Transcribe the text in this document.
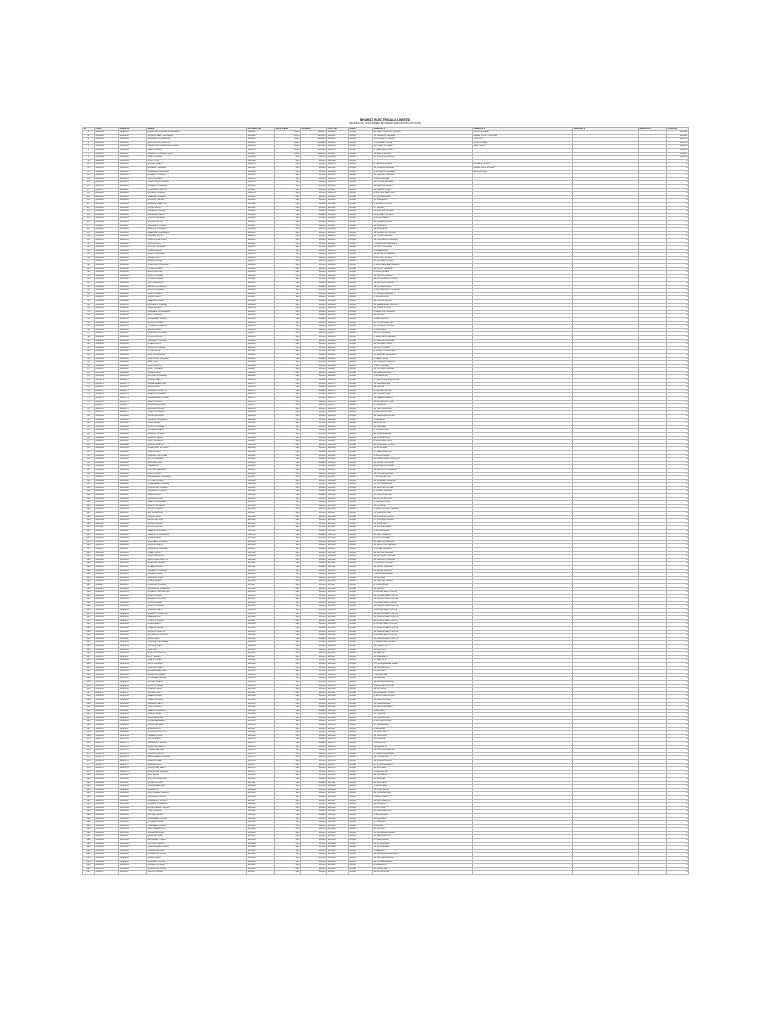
BHARAT ELECTRICALS LIMITED
DETAILS OF UNCLAIMED DIVIDEND AMOUNT AS ON DATE
Sl.	Folio	Share ID	Name	Account No.	Face Value	Amount	Amt. No.	Bank	Address 1	Address 2	Address 3	Address 4	Pincode
1	A00001	1100001	KRISHNA KUMAR AGARWAL	100001	1000	100000	100001	BANK	24 NEW COLONY ROAD	MAIN STREET			110001
2	A00002	1100002	SUNITA DEVI SHARMA	100002	1000	100000	100002	BANK	12 GANDHI NAGAR	NEAR POST OFFICE			110002
3	A00003	1100003	RAMESH CHANDRA	100003	1000	100000	100003	BANK	45 RAILWAY ROAD	OLD CITY			110003
4	A00004	1100004	MOHAN LAL GUPTA	100004	1000	100000	100004	BANK	7 MARKET LANE	CIVIL LINES			110004
5	A00005	1100005	PRAKASH NARAYAN SINGH	100005	1000	100000	100005	BANK	88 PARK STREET	SECTOR 5			110005
6	A00006	1100006	GEETA RANI	100006	1000	100000	100006	BANK	3 TEMPLE ROAD				110006
7	A00007	1100007	SURESH KUMAR JAIN	100007	1000	100000	100007	BANK	19 MALL ROAD				110007
8	A00008	1100008	ANIL KUMAR	100008	500	50000	100008	BANK	55 STATION ROAD				110008
9	A00009	1100009	VIJAY PAL	100009	100	10000	100009	BANK					0
10	A00010	1100010	SHANTI DEVI	100010	100	10000	100010	BANK	2 NEHRU MARG	MODEL TOWN			0
11	A00011	1100011	RAJESH VERMA	100011	100	10000	100011	BANK	14 KAMLA NAGAR	NEAR BUS STAND			0
12	A00012	1100012	KAMLESH KUMARI	100012	100	10000	100012	BANK	9 SHASTRI NAGAR	MAIN ROAD			0
13	A00013	1100013	DINESH CHAND	100013	100	10000	100013	BANK	31 LAJPAT NAGAR				0
14	A00014	1100014	SAVITRI DEVI	100014	100	10000	100014	BANK	6 RAJ NAGAR				0
15	A00015	1100015	HARI OM SHARMA	100015	100	10000	100015	BANK	21 PATEL NAGAR				0
16	A00016	1100016	NARESH KUMAR	100016	100	10000	100016	BANK	40 KAROL BAGH				0
17	A00017	1100017	POONAM GUPTA	100017	100	10000	100017	BANK	11 JANAK PURI				0
18	A00018	1100018	ASHOK KUMAR	100018	100	10000	100018	BANK	8 ROHINI SECTOR				0
19	A00019	1100019	MEENA KUMARI	100019	100	10000	100019	BANK	27 PITAMPURA				0
20	A00020	1100020	SANJAY SINGH	100020	100	10000	100020	BANK	33 DWARKA				0
21	A00021	1100021	RAKESH MEHTA	100021	100	10000	100021	BANK	5 VASANT KUNJ				0
22	A00022	1100022	USHA RANI	100022	100	10000	100022	BANK	17 SAKET				0
23	A00023	1100023	PAWAN KUMAR	100023	100	10000	100023	BANK	29 MAYUR VIHAR				0
24	A00024	1100024	NIRMALA DEVI	100024	100	10000	100024	BANK	15 PREET VIHAR				0
25	A00025	1100025	VINOD KUMAR	100025	100	10000	100025	BANK	4 SHAHDARA				0
26	A00026	1100026	KUSUM LATA	100026	100	10000	100026	BANK	22 GREEN PARK				0
27	A00027	1100027	MAHESH CHAND	100027	100	10000	100027	BANK	36 KALKAJI				0
28	A00028	1100028	REKHA SHARMA	100028	100	10000	100028	BANK	10 NARAINA				0
29	A00029	1100029	DEEPAK AGARWAL	100029	100	10000	100029	BANK	18 PASCHIM VIHAR				0
30	A00030	1100030	SUMAN LATA	100030	100	10000	100030	BANK	25 TILAK NAGAR				0
31	A00031	1100031	GOPAL KRISHNA	100031	100	10000	100031	BANK	12 SUBHASH NAGAR				0
32	A00032	1100032	ANITA DEVI	100032	100	10000	100032	BANK	7 RAJOURI GARDEN				0
33	A00033	1100033	SATISH KUMAR	100033	100	10000	100033	BANK	44 MOTI NAGAR				0
34	A00034	1100034	KIRAN BALA	100034	100	10000	100034	BANK	3 INDERLOK				0
35	A00035	1100035	RAM PRAKASH	100035	100	10000	100035	BANK	16 SHAKTI NAGAR				0
36	A00036	1100036	SUNIL DUTT	100036	100	10000	100036	BANK	9 ASHOK VIHAR				0
37	A00037	1100037	RADHA RANI	100037	100	10000	100037	BANK	30 MODEL TOWN				0
38	A00038	1100038	JAGDISH PRASAD	100038	100	10000	100038	BANK	2 MUKHERJEE NAGAR				0
39	A00039	1100039	PUSHPA DEVI	100039	100	10000	100039	BANK	23 VIJAY NAGAR				0
40	A00040	1100040	BRIJ MOHAN	100040	100	10000	100040	BANK	6 CIVIL LINES				0
41	A00041	1100041	LALIT KUMAR	100041	100	10000	100041	BANK	14 DARYA GANJ				0
42	A00042	1100042	SHASHI BALA	100042	100	10000	100042	BANK	28 CHANDNI CHOWK				0
43	A00043	1100043	OM PRAKASH	100043	100	10000	100043	BANK	11 SADAR BAZAR				0
44	A00044	1100044	MANJU SHARMA	100044	100	10000	100044	BANK	19 PAHARGANJ				0
45	A00045	1100045	ARUN KUMAR	100045	100	10000	100045	BANK	5 CONNAUGHT PLACE				0
46	A00046	1100046	SAROJ BALA	100046	100	10000	100046	BANK	37 GOLE MARKET				0
47	A00047	1100047	VIKAS JAIN	100047	100	10000	100047	BANK	8 JANGPURA				0
48	A00048	1100048	NEELAM RANI	100048	100	10000	100048	BANK	20 LODHI ROAD				0
49	A00049	1100049	MUKESH KUMAR	100049	100	10000	100049	BANK	13 DEFENCE COLONY				0
50	A00050	1100050	SARLA DEVI	100050	100	10000	100050	BANK	26 HAUZ KHAS				0
51	A00051	1100051	NAVEEN CHANDRA	100051	100	10000	100051	BANK	4 MALVIYA NAGAR				0
52	A00052	1100052	RAJ KUMARI	100052	100	10000	100052	BANK	32 SAKET				0
53	A00053	1100053	PRADEEP SINGH	100053	100	10000	100053	BANK	9 MEHRAULI				0
54	A00054	1100054	SHAKUNTALA	100054	100	10000	100054	BANK	15 CHHATARPUR				0
55	A00055	1100055	YOGESH KUMAR	100055	100	10000	100055	BANK	41 VASANT VIHAR				0
56	A00056	1100056	BIMLA DEVI	100056	100	10000	100056	BANK	6 MUNIRKA				0
57	A00057	1100057	KAILASH CHAND	100057	100	10000	100057	BANK	24 R K PURAM				0
58	A00058	1100058	SUDHA RANI	100058	100	10000	100058	BANK	3 SAROJINI NAGAR				0
59	A00059	1100059	HEMANT KUMAR	100059	100	10000	100059	BANK	17 NETAJI NAGAR				0
60	A00060	1100060	PREM LATA	100060	100	10000	100060	BANK	29 NANAKPURA				0
61	A00061	1100061	MANOJ KUMAR	100061	100	10000	100061	BANK	12 MOTI BAGH				0
62	A00062	1100062	ASHA RANI	100062	100	10000	100062	BANK	8 SHANTI NIKETAN				0
63	A00063	1100063	RAVI SHANKAR	100063	100	10000	100063	BANK	35 ANAND NIKETAN				0
64	A00064	1100064	SANTOSH KUMARI	100064	100	10000	100064	BANK	2 WEST END				0
65	A00065	1100065	DEV RAJ	100065	100	10000	100065	BANK	21 PALAM COLONY				0
66	A00066	1100066	LATA GUPTA	100066	100	10000	100066	BANK	7 RAJ NAGAR				0
67	A00067	1100067	AJAY KUMAR	100067	100	10000	100067	BANK	16 UTTAM NAGAR				0
68	A00068	1100068	VIMLA DEVI	100068	100	10000	100068	BANK	38 NAJAFGARH				0
69	A00069	1100069	SHYAM SUNDER	100069	100	10000	100069	BANK	5 BINDAPUR				0
70	A00070	1100070	KANTA DEVI	100070	100	10000	100070	BANK	27 MAHAVIR ENCLAVE				0
71	A00071	1100071	SURENDER PAL	100071	100	10000	100071	BANK	10 SAGARPUR				0
72	A00072	1100072	MAYA DEVI	100072	100	10000	100072	BANK	19 DABRI				0
73	A00073	1100073	RAMESH GUPTA	100073	100	10000	100073	BANK	4 PALAM VIHAR				0
74	A00074	1100074	SARITA KUMARI	100074	100	10000	100074	BANK	30 VIKAS PURI				0
75	A00075	1100075	NARENDER SINGH	100075	100	10000	100075	BANK	13 MEERA BAGH				0
76	A00076	1100076	SAVITA RANI	100076	100	10000	100076	BANK	25 PASCHIM PURI				0
77	A00077	1100077	BHAGWAN DAS	100077	100	10000	100077	BANK	6 NANGLOI				0
78	A00078	1100078	MANISHA JAIN	100078	100	10000	100078	BANK	34 SULTANPURI				0
79	A00079	1100079	TARUN KUMAR	100079	100	10000	100079	BANK	1 MANGOLPURI				0
80	A00080	1100080	SUSHILA DEVI	100080	100	10000	100080	BANK	22 BAWANA ROAD				0
81	A00081	1100081	PANKAJ SHARMA	100081	100	10000	100081	BANK	9 NARELA				0
82	A00082	1100082	INDU BALA	100082	100	10000	100082	BANK	18 ALIPUR				0
83	A00083	1100083	ROHIT KUMAR	100083	100	10000	100083	BANK	31 BURARI				0
84	A00084	1100084	SHARDA DEVI	100084	100	10000	100084	BANK	3 TIMARPUR				0
85	A00085	1100085	GIRISH CHAND	100085	100	10000	100085	BANK	14 WAZIRABAD				0
86	A00086	1100086	MADHU BALA	100086	100	10000	100086	BANK	26 GOPALPUR				0
87	A00087	1100087	AMIT KUMAR	100087	100	10000	100087	BANK	8 BHAJANPURA				0
88	A00088	1100088	RAJNI GUPTA	100088	100	10000	100088	BANK	20 YAMUNA VIHAR				0
89	A00089	1100089	SUBHASH CHAND	100089	100	10000	100089	BANK	11 GHONDA				0
90	A00090	1100090	NISHA DEVI	100090	100	10000	100090	BANK	37 SEELAMPUR				0
91	A00091	1100091	KAMAL KISHORE	100091	100	10000	100091	BANK	5 JAFFRABAD				0
92	A00092	1100092	RITA SHARMA	100092	100	10000	100092	BANK	23 WELCOME COLONY				0
93	A00093	1100093	BALDEV RAJ	100093	100	10000	100093	BANK	16 SHASTRI PARK				0
94	A00094	1100094	HEMLATA	100094	100	10000	100094	BANK	2 GANDHI NAGAR				0
95	A00095	1100095	NITIN AGARWAL	100095	100	10000	100095	BANK	28 KRISHNA NAGAR				0
96	A00096	1100096	PRIYA RANI	100096	100	10000	100096	BANK	12 LAXMI NAGAR				0
97	A00097	1100097	RAJENDER PRASAD	100097	100	10000	100097	BANK	7 SHAKARPUR				0
98	A00098	1100098	SHOBHA DEVI	100098	100	10000	100098	BANK	33 PANDAV NAGAR				0
99	A00099	1100099	VIRENDER KUMAR	100099	100	10000	100099	BANK	15 PATPARGANJ				0
100	A00100	1100100	KAUSHALYA DEVI	100100	100	10000	100100	BANK	24 MAYUR VIHAR				0
101	A00101	1100101	SURESH CHAND	100101	100	10000	100101	BANK	9 VINOD NAGAR				0
102	A00102	1100102	ANJU BALA	100102	100	10000	100102	BANK	17 KALYANPURI				0
103	A00103	1100103	DHARAM PAL	100103	100	10000	100103	BANK	30 KHICHRIPUR				0
104	A00104	1100104	GEETA SHARMA	100104	100	10000	100104	BANK	4 TRILOKPURI				0
105	A00105	1100105	MOHIT KUMAR	100105	100	10000	100105	BANK	21 KONDLI				0
106	A00106	1100106	SUNITA RANI	100106	100	10000	100106	BANK	6 NEW ASHOK NAGAR				0
107	A00107	1100107	JAI PRAKASH	100107	100	10000	100107	BANK	35 DALLUPURA				0
108	A00108	1100108	LAXMI DEVI	100108	100	10000	100108	BANK	13 VASUNDHARA				0
109	A00109	1100109	KRISHAN LAL	100109	100	10000	100109	BANK	27 INDIRAPURAM				0
110	A00110	1100110	MAMTA RANI	100110	100	10000	100110	BANK	10 VAISHALI				0
111	A00111	1100111	ROSHAN LAL	100111	100	10000	100111	BANK	19 KAUSHAMBI				0
112	A00112	1100112	DEEPA SHARMA	100112	100	10000	100112	BANK	3 SAHIBABAD				0
113	A00113	1100113	HARISH CHANDRA	100113	100	10000	100113	BANK	32 RAJ NAGAR				0
114	A00114	1100114	KIRAN DEVI	100114	100	10000	100114	BANK	8 KAVI NAGAR				0
115	A00115	1100115	SANJEEV KUMAR	100115	100	10000	100115	BANK	25 NEHRU NAGAR				0
116	A00116	1100116	URMILA DEVI	100116	100	10000	100116	BANK	14 SHASTRI NAGAR				0
117	A00117	1100117	PRAMOD KUMAR	100117	100	10000	100117	BANK	2 PATEL NAGAR				0
118	A00118	1100118	SNEH LATA	100118	100	10000	100118	BANK	29 LOHIA NAGAR				0
119	A00119	1100119	VED PRAKASH	100119	100	10000	100119	BANK	11 GOVIND PURAM				0
120	A00120	1100120	ARCHANA GUPTA	100120	100	10000	100120	BANK	36 SANJAY NAGAR				0
121	A00121	1100121	RAMPAL SINGH	100121	100	10000	100121	BANK	5 PRATAP VIHAR				0
122	A00122	1100122	SHEELA DEVI	100122	100	10000	100122	BANK	18 VIJAY NAGAR				0
123	A00123	1100123	NARESH CHAND	100123	100	10000	100123	BANK	23 MODINAGAR				0
124	A00124	1100124	MANJU RANI	100124	100	10000	100124	BANK	7 MURADNAGAR				0
125	A00125	1100125	GAURAV JAIN	100125	100	10000	100125	BANK	31 DASNA				0
126	A00126	1100126	KAMLA DEVI	100126	100	10000	100126	BANK	16 HAPUR ROAD				0
127	A00127	1100127	SUDHIR KUMAR	100127	100	10000	100127	BANK	4 PILKHUWA				0
128	A00128	1100128	VANDANA SHARMA	100128	100	10000	100128	BANK	22 DADRI				0
129	A00129	1100129	BHARAT BHUSHAN	100129	100	10000	100129	BANK	9 NOIDA SECTOR 12				0
130	A00130	1100130	SAROJ DEVI	100130	100	10000	100130	BANK	28 NOIDA SECTOR 15				0
131	A00131	1100131	RAKESH SINGH	100131	100	10000	100131	BANK	13 NOIDA SECTOR 19				0
132	A00132	1100132	POOJA RANI	100132	100	10000	100132	BANK	6 NOIDA SECTOR 22				0
133	A00133	1100133	DALIP KUMAR	100133	100	10000	100133	BANK	34 NOIDA SECTOR 26				0
134	A00134	1100134	SUMAN DEVI	100134	100	10000	100134	BANK	1 NOIDA SECTOR 29				0
135	A00135	1100135	ANAND PRAKASH	100135	100	10000	100135	BANK	20 NOIDA SECTOR 31				0
136	A00136	1100136	MEERA BAI	100136	100	10000	100136	BANK	12 NOIDA SECTOR 34				0
137	A00137	1100137	VINAY KUMAR	100137	100	10000	100137	BANK	26 NOIDA SECTOR 37				0
138	A00138	1100138	RAMA DEVI	100138	100	10000	100138	BANK	3 NOIDA SECTOR 40				0
139	A00139	1100139	PREM CHAND	100139	100	10000	100139	BANK	17 NOIDA SECTOR 44				0
140	A00140	1100140	SUNITA GUPTA	100140	100	10000	100140	BANK	30 NOIDA SECTOR 50				0
141	A00141	1100141	ASHWANI KUMAR	100141	100	10000	100141	BANK	8 NOIDA SECTOR 55				0
142	A00142	1100142	RANI DEVI	100142	100	10000	100142	BANK	21 NOIDA SECTOR 62				0
143	A00143	1100143	LOKESH SHARMA	100143	100	10000	100143	BANK	5 GREATER NOIDA				0
144	A00144	1100144	KUSUM DEVI	100144	100	10000	100144	BANK	39 GAUR CITY				0
145	A00145	1100145	TEJ PAL	100145	100	10000	100145	BANK	15 ALPHA 1				0
146	A00146	1100146	SAVITRI GUPTA	100146	100	10000	100146	BANK	24 BETA 2				0
147	A00147	1100147	AJIT SINGH	100147	100	10000	100147	BANK	10 GAMMA 1				0
148	A00148	1100148	NEETU RANI	100148	100	10000	100148	BANK	27 DELTA 3				0
149	A00149	1100149	SHIV KUMAR	100149	100	10000	100149	BANK	4 KNOWLEDGE PARK				0
150	A00150	1100150	PARVATI DEVI	100150	100	10000	100150	BANK	19 SURAJPUR				0
151	A00151	1100151	MAHENDER PAL	100151	100	10000	100151	BANK	33 KASNA				0
152	A00152	1100152	RENU SHARMA	100152	100	10000	100152	BANK	7 DANKAUR				0
153	A00153	1100153	KULDEEP SINGH	100153	100	10000	100153	BANK	25 JEWAR				0
154	A00154	1100154	SHASHI DEVI	100154	100	10000	100154	BANK	12 SIKANDRABAD				0
155	A00155	1100155	RAJU KUMAR	100155	100	10000	100155	BANK	2 BULANDSHAHR				0
156	A00156	1100156	KAMINI DEVI	100156	100	10000	100156	BANK	29 KHURJA				0
157	A00157	1100157	SOHAN LAL	100157	100	10000	100157	BANK	14 ALIGARH ROAD				0
158	A00158	1100158	BEENA RANI	100158	100	10000	100158	BANK	6 MATHURA ROAD				0
159	A00159	1100159	TARA CHAND	100159	100	10000	100159	BANK	38 AGRA ROAD				0
160	A00160	1100160	NIRMAL DEVI	100160	100	10000	100160	BANK	11 FARIDABAD				0
161	A00161	1100161	HARI SINGH	100161	100	10000	100161	BANK	23 BALLABGARH				0
162	A00162	1100162	VEENA KUMARI	100162	100	10000	100162	BANK	9 PALWAL				0
163	A00163	1100163	JAGAT RAM	100163	100	10000	100163	BANK	31 HODAL				0
164	A00164	1100164	SUSHMA DEVI	100164	100	10000	100164	BANK	16 GURGAON				0
165	A00165	1100165	DHARMENDER	100165	100	10000	100165	BANK	3 SOHNA ROAD				0
166	A00166	1100166	KRISHNA DEVI	100166	100	10000	100166	BANK	27 MANESAR				0
167	A00167	1100167	RAMAKANT	100167	100	10000	100167	BANK	8 REWARI				0
168	A00168	1100168	SHALINI GUPTA	100168	100	10000	100168	BANK	20 ROHTAK				0
169	A00169	1100169	NARESH PAL	100169	100	10000	100169	BANK	35 SONIPAT				0
170	A00170	1100170	VIDYA DEVI	100170	100	10000	100170	BANK	13 PANIPAT				0
171	A00171	1100171	BALWANT SINGH	100171	100	10000	100171	BANK	5 KARNAL				0
172	A00172	1100172	SUMITRA DEVI	100172	100	10000	100172	BANK	22 AMBALA				0
173	A00173	1100173	HARBANS LAL	100173	100	10000	100173	BANK	18 KURUKSHETRA				0
174	A00174	1100174	PUSHPA RANI	100174	100	10000	100174	BANK	1 YAMUNANAGAR				0
175	A00175	1100175	DEVENDER KUMAR	100175	100	10000	100175	BANK	26 JAGADHRI				0
176	A00176	1100176	SAROJ RANI	100176	100	10000	100176	BANK	10 PANCHKULA				0
177	A00177	1100177	MADAN LAL	100177	100	10000	100177	BANK	37 CHANDIGARH				0
178	A00178	1100178	KANCHAN DEVI	100178	100	10000	100178	BANK	15 MOHALI				0
179	A00179	1100179	GULSHAN KUMAR	100179	100	10000	100179	BANK	4 ZIRAKPUR				0
180	A00180	1100180	RAJ RANI	100180	100	10000	100180	BANK	28 KHARAR				0
181	A00181	1100181	SATYA PRAKASH	100181	100	10000	100181	BANK	12 ROPAR				0
182	A00182	1100182	SHANTA DEVI	100182	100	10000	100182	BANK	24 PATIALA				0
183	A00183	1100183	JOGINDER PAL	100183	100	10000	100183	BANK	7 RAJPURA				0
184	A00184	1100184	RAMWATI	100184	100	10000	100184	BANK	19 LUDHIANA				0
185	A00185	1100185	MOHINDER SINGH	100185	100	10000	100185	BANK	32 JALANDHAR				0
186	A00186	1100186	KAMLESH RANI	100186	100	10000	100186	BANK	6 AMRITSAR				0
187	A00187	1100187	PARAMJIT SINGH	100187	100	10000	100187	BANK	21 PATHANKOT				0
188	A00188	1100188	SUDESH KUMARI	100188	100	10000	100188	BANK	14 JAMMU				0
189	A00189	1100189	BHUPINDER SINGH	100189	100	10000	100189	BANK	3 KATHUA				0
190	A00190	1100190	TRIPTA DEVI	100190	100	10000	100190	BANK	30 UDHAMPUR				0
191	A00191	1100191	AVTAR SINGH	100191	100	10000	100191	BANK	9 SRINAGAR				0
192	A00192	1100192	GURMEET KAUR	100192	100	10000	100192	BANK	25 SHIMLA				0
193	A00193	1100193	CHARAN DAS	100193	100	10000	100193	BANK	17 SOLAN				0
194	A00194	1100194	HARJEET KAUR	100194	100	10000	100194	BANK	2 MANDI				0
195	A00195	1100195	RAVINDER NATH	100195	100	10000	100195	BANK	36 KULLU				0
196	A00196	1100196	SIMRAN KAUR	100196	100	10000	100196	BANK	11 DHARAMSHALA				0
197	A00197	1100197	KESHAV RAM	100197	100	10000	100197	BANK	23 DEHRADUN				0
198	A00198	1100198	MANJEET KAUR	100198	100	10000	100198	BANK	8 HARIDWAR				0
199	A00199	1100199	PRITAM SINGH	100199	100	10000	100199	BANK	29 RISHIKESH				0
200	A00200	1100200	JASWINDER KAUR	100200	100	10000	100200	BANK	13 ROORKEE				0
201	A00201	1100201	DARSHAN LAL	100201	100	10000	100201	BANK	5 MEERUT				0
202	A00202	1100202	KULWANT KAUR	100202	100	10000	100202	BANK	34 MUZAFFARNAGAR				0
203	A00203	1100203	SEWA RAM	100203	100	10000	100203	BANK	18 SAHARANPUR				0
204	A00204	1100204	BALJEET KAUR	100204	100	10000	100204	BANK	22 MORADABAD				0
205	A00205	1100205	NANAK CHAND	100205	100	10000	100205	BANK	6 BAREILLY				0
206	A00206	1100206	RAJWANT KAUR	100206	100	10000	100206	BANK	31 RAMPUR				0
207	A00207	1100207	GIAN CHAND	100207	100	10000	100207	BANK	16 LUCKNOW				0
